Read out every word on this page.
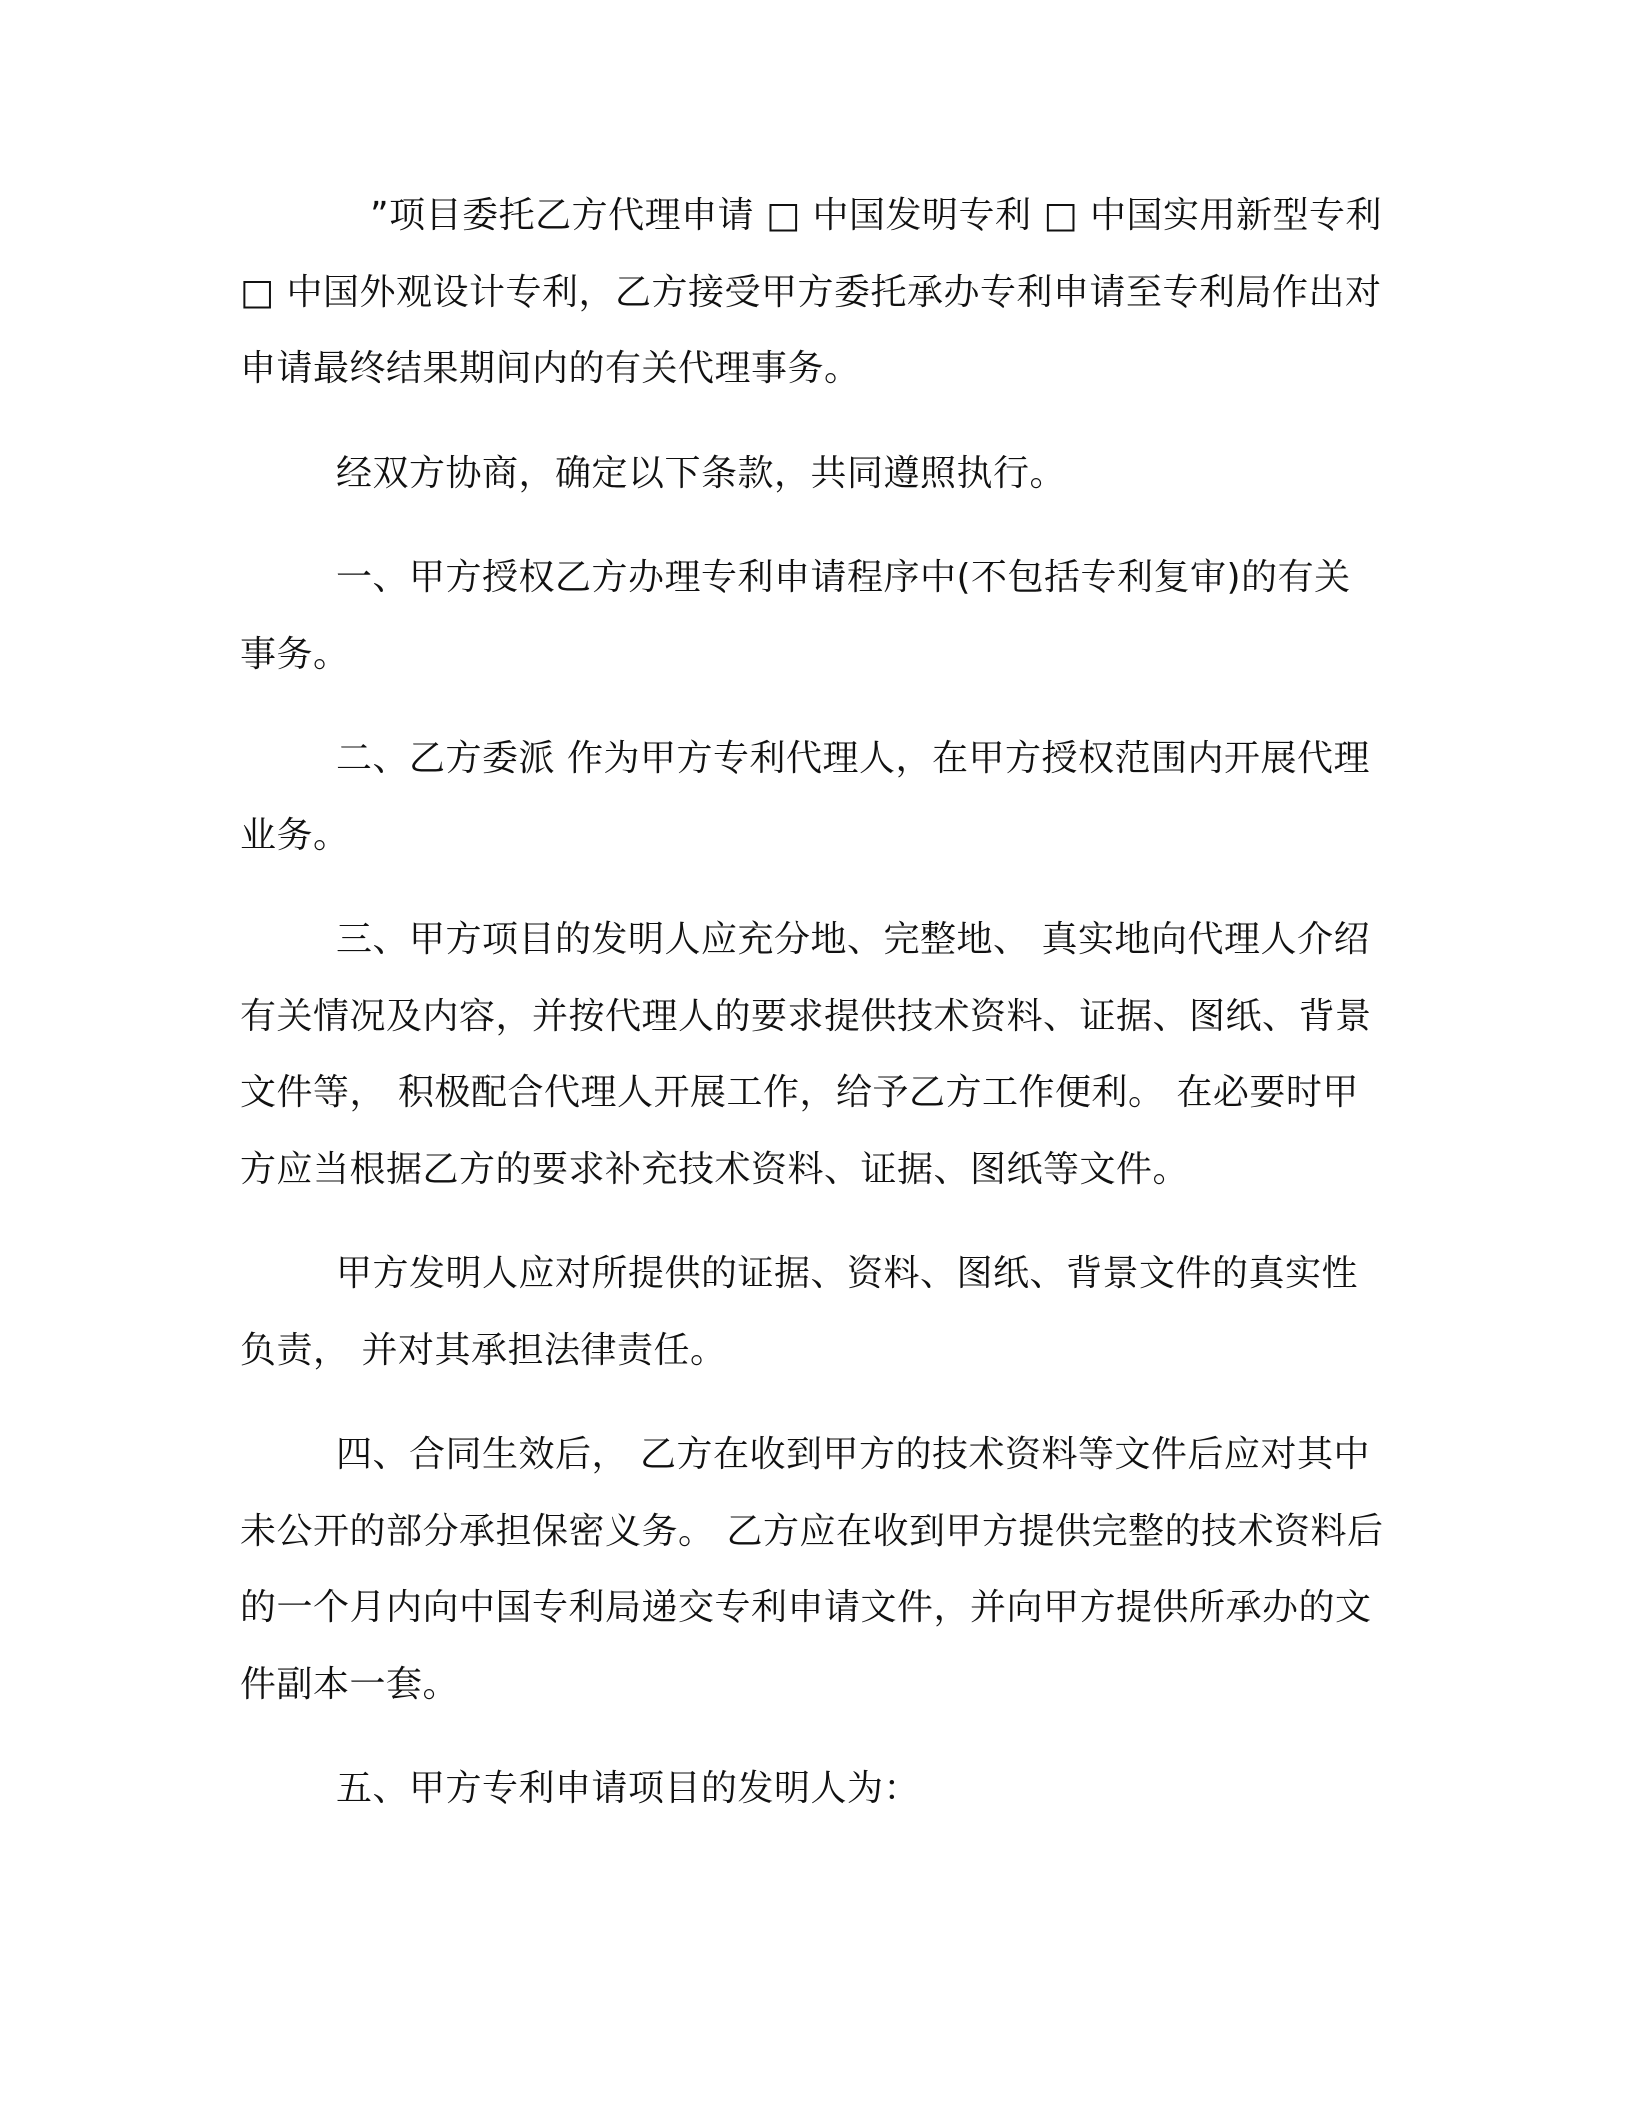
”项目委托乙方代理申请 □ 中国发明专利 □ 中国实用新型专利 □ 中国外观设计专利，乙方接受甲方委托承办专利申请至专利局作出对申请最终结果期间内的有关代理事务。

经双方协商，确定以下条款，共同遵照执行。

一、甲方授权乙方办理专利申请程序中(不包括专利复审)的有关事务。

二、乙方委派 作为甲方专利代理人，在甲方授权范围内开展代理业务。

三、甲方项目的发明人应充分地、完整地、 真实地向代理人介绍有关情况及内容，并按代理人的要求提供技术资料、证据、图纸、背景文件等， 积极配合代理人开展工作，给予乙方工作便利。 在必要时甲方应当根据乙方的要求补充技术资料、证据、图纸等文件。

甲方发明人应对所提供的证据、资料、图纸、背景文件的真实性负责， 并对其承担法律责任。

四、合同生效后， 乙方在收到甲方的技术资料等文件后应对其中未公开的部分承担保密义务。 乙方应在收到甲方提供完整的技术资料后的一个月内向中国专利局递交专利申请文件，并向甲方提供所承办的文件副本一套。

五、甲方专利申请项目的发明人为：
